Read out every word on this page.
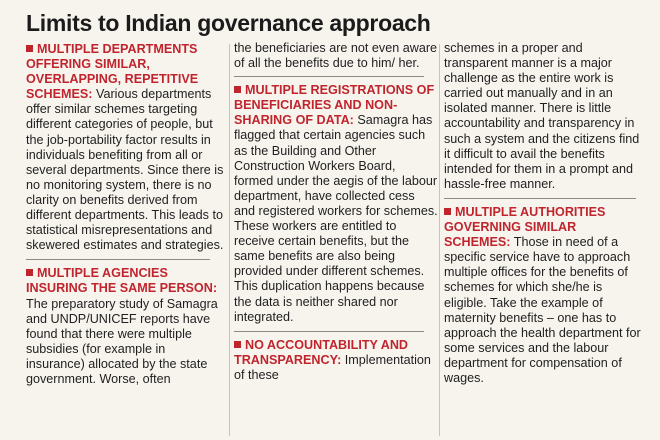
Limits to Indian governance approach

MULTIPLE DEPARTMENTS OFFERING SIMILAR, OVERLAPPING, REPETITIVE SCHEMES: Various departments offer similar schemes targeting different categories of people, but the job-portability factor results in individuals benefiting from all or several departments. Since there is no monitoring system, there is no clarity on benefits derived from different departments. This leads to statistical misrepresentations and skewered estimates and strategies.

MULTIPLE AGENCIES INSURING THE SAME PERSON: The preparatory study of Samagra and UNDP/UNICEF reports have found that there were multiple subsidies (for example in insurance) allocated by the state government. Worse, often

the beneficiaries are not even aware of all the benefits due to him/ her.

MULTIPLE REGISTRATIONS OF BENEFICIARIES AND NON-SHARING OF DATA: Samagra has flagged that certain agencies such as the Building and Other Construction Workers Board, formed under the aegis of the labour department, have collected cess and registered workers for schemes. These workers are entitled to receive certain benefits, but the same benefits are also being provided under different schemes. This duplication happens because the data is neither shared nor integrated.

NO ACCOUNTABILITY AND TRANSPARENCY: Implementation of these

schemes in a proper and transparent manner is a major challenge as the entire work is carried out manually and in an isolated manner. There is little accountability and transparency in such a system and the citizens find it difficult to avail the benefits intended for them in a prompt and hassle-free manner.

MULTIPLE AUTHORITIES GOVERNING SIMILAR SCHEMES: Those in need of a specific service have to approach multiple offices for the benefits of schemes for which she/he is eligible. Take the example of maternity benefits – one has to approach the health department for some services and the labour department for compensation of wages.
